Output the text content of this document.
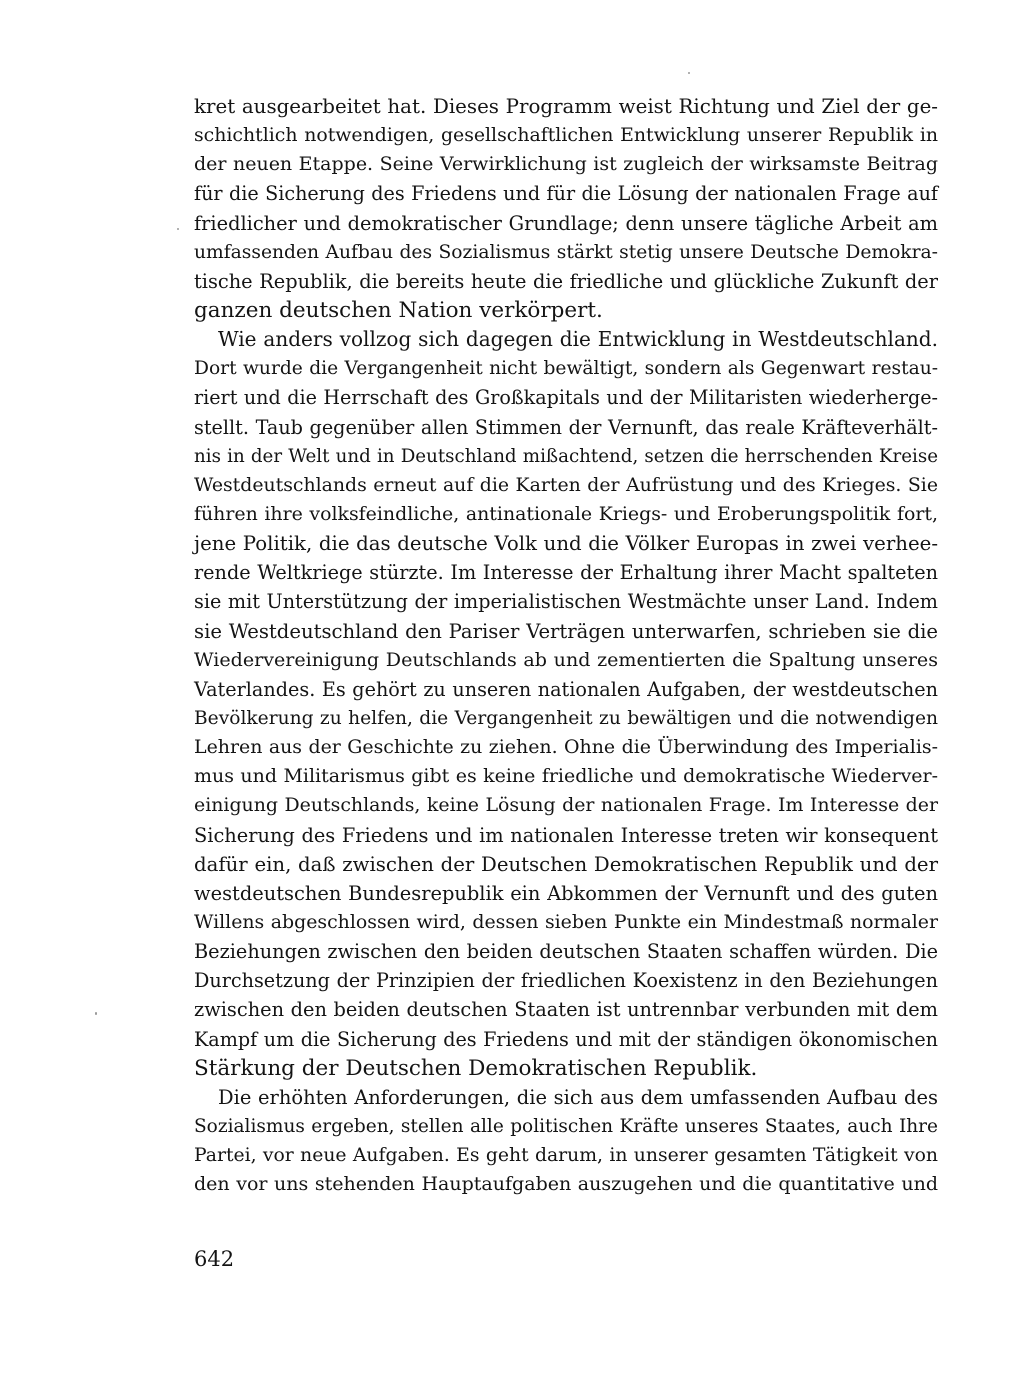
kret ausgearbeitet hat. Dieses Programm weist Richtung und Ziel der ge-
schichtlich notwendigen, gesellschaftlichen Entwicklung unserer Republik in
der neuen Etappe. Seine Verwirklichung ist zugleich der wirksamste Beitrag
für die Sicherung des Friedens und für die Lösung der nationalen Frage auf
friedlicher und demokratischer Grundlage; denn unsere tägliche Arbeit am
umfassenden Aufbau des Sozialismus stärkt stetig unsere Deutsche Demokra-
tische Republik, die bereits heute die friedliche und glückliche Zukunft der
ganzen deutschen Nation verkörpert.
Wie anders vollzog sich dagegen die Entwicklung in Westdeutschland.
Dort wurde die Vergangenheit nicht bewältigt, sondern als Gegenwart restau-
riert und die Herrschaft des Großkapitals und der Militaristen wiederherge-
stellt. Taub gegenüber allen Stimmen der Vernunft, das reale Kräfteverhält-
nis in der Welt und in Deutschland mißachtend, setzen die herrschenden Kreise
Westdeutschlands erneut auf die Karten der Aufrüstung und des Krieges. Sie
führen ihre volksfeindliche, antinationale Kriegs- und Eroberungspolitik fort,
jene Politik, die das deutsche Volk und die Völker Europas in zwei verhee-
rende Weltkriege stürzte. Im Interesse der Erhaltung ihrer Macht spalteten
sie mit Unterstützung der imperialistischen Westmächte unser Land. Indem
sie Westdeutschland den Pariser Verträgen unterwarfen, schrieben sie die
Wiedervereinigung Deutschlands ab und zementierten die Spaltung unseres
Vaterlandes. Es gehört zu unseren nationalen Aufgaben, der westdeutschen
Bevölkerung zu helfen, die Vergangenheit zu bewältigen und die notwendigen
Lehren aus der Geschichte zu ziehen. Ohne die Überwindung des Imperialis-
mus und Militarismus gibt es keine friedliche und demokratische Wiederver-
einigung Deutschlands, keine Lösung der nationalen Frage. Im Interesse der
Sicherung des Friedens und im nationalen Interesse treten wir konsequent
dafür ein, daß zwischen der Deutschen Demokratischen Republik und der
westdeutschen Bundesrepublik ein Abkommen der Vernunft und des guten
Willens abgeschlossen wird, dessen sieben Punkte ein Mindestmaß normaler
Beziehungen zwischen den beiden deutschen Staaten schaffen würden. Die
Durchsetzung der Prinzipien der friedlichen Koexistenz in den Beziehungen
zwischen den beiden deutschen Staaten ist untrennbar verbunden mit dem
Kampf um die Sicherung des Friedens und mit der ständigen ökonomischen
Stärkung der Deutschen Demokratischen Republik.
Die erhöhten Anforderungen, die sich aus dem umfassenden Aufbau des
Sozialismus ergeben, stellen alle politischen Kräfte unseres Staates, auch Ihre
Partei, vor neue Aufgaben. Es geht darum, in unserer gesamten Tätigkeit von
den vor uns stehenden Hauptaufgaben auszugehen und die quantitative und
642
